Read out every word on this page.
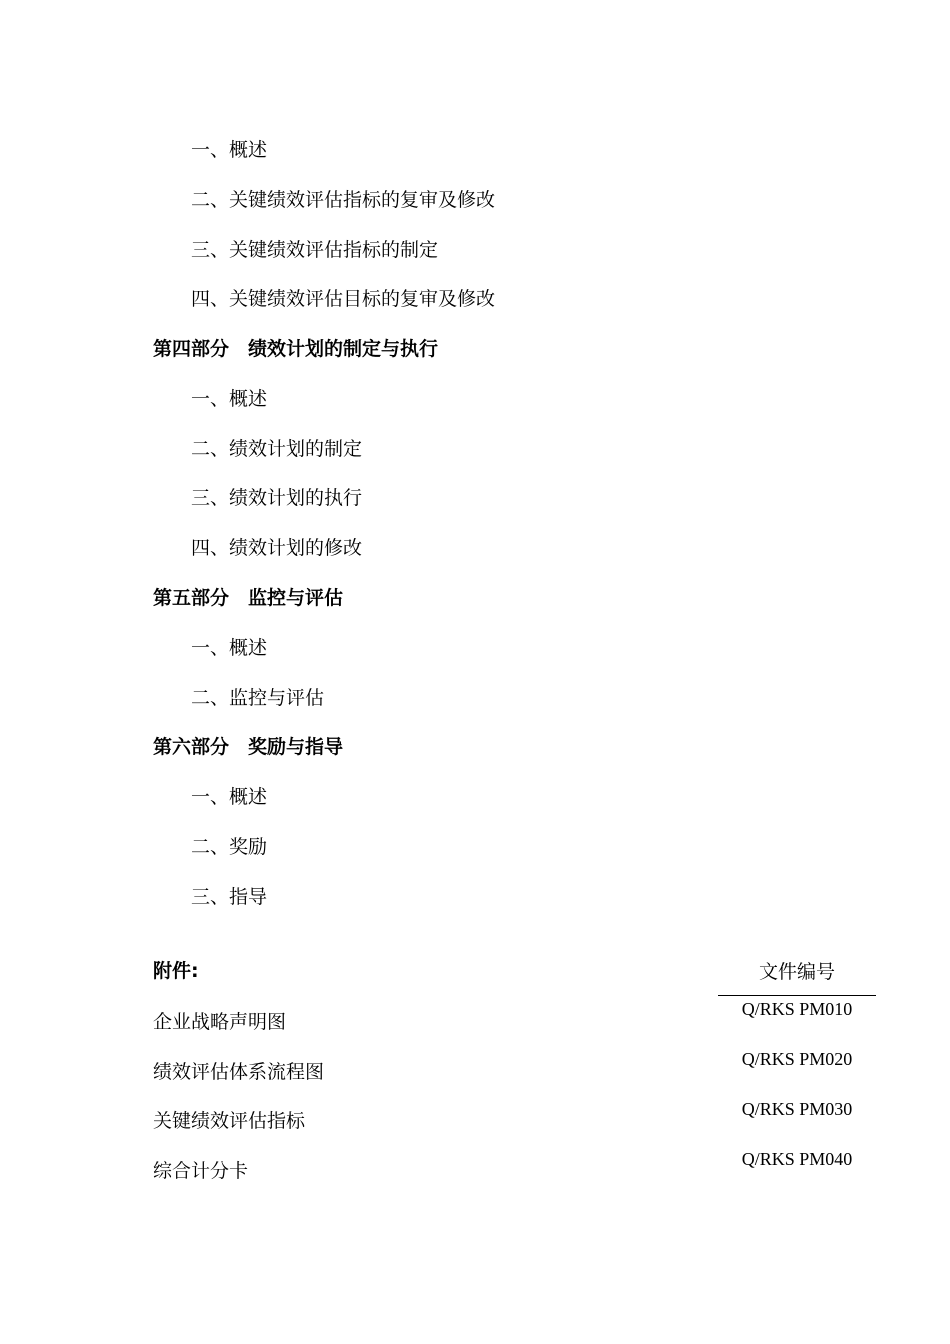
一、概述
二、关键绩效评估指标的复审及修改
三、关键绩效评估指标的制定
四、关键绩效评估目标的复审及修改
第四部分　绩效计划的制定与执行
一、概述
二、绩效计划的制定
三、绩效计划的执行
四、绩效计划的修改
第五部分　监控与评估
一、概述
二、监控与评估
第六部分　奖励与指导
一、概述
二、奖励
三、指导
附件:
企业战略声明图
绩效评估体系流程图
关键绩效评估指标
综合计分卡
文件编号
Q/RKS PM010
Q/RKS PM020
Q/RKS PM030
Q/RKS PM040
